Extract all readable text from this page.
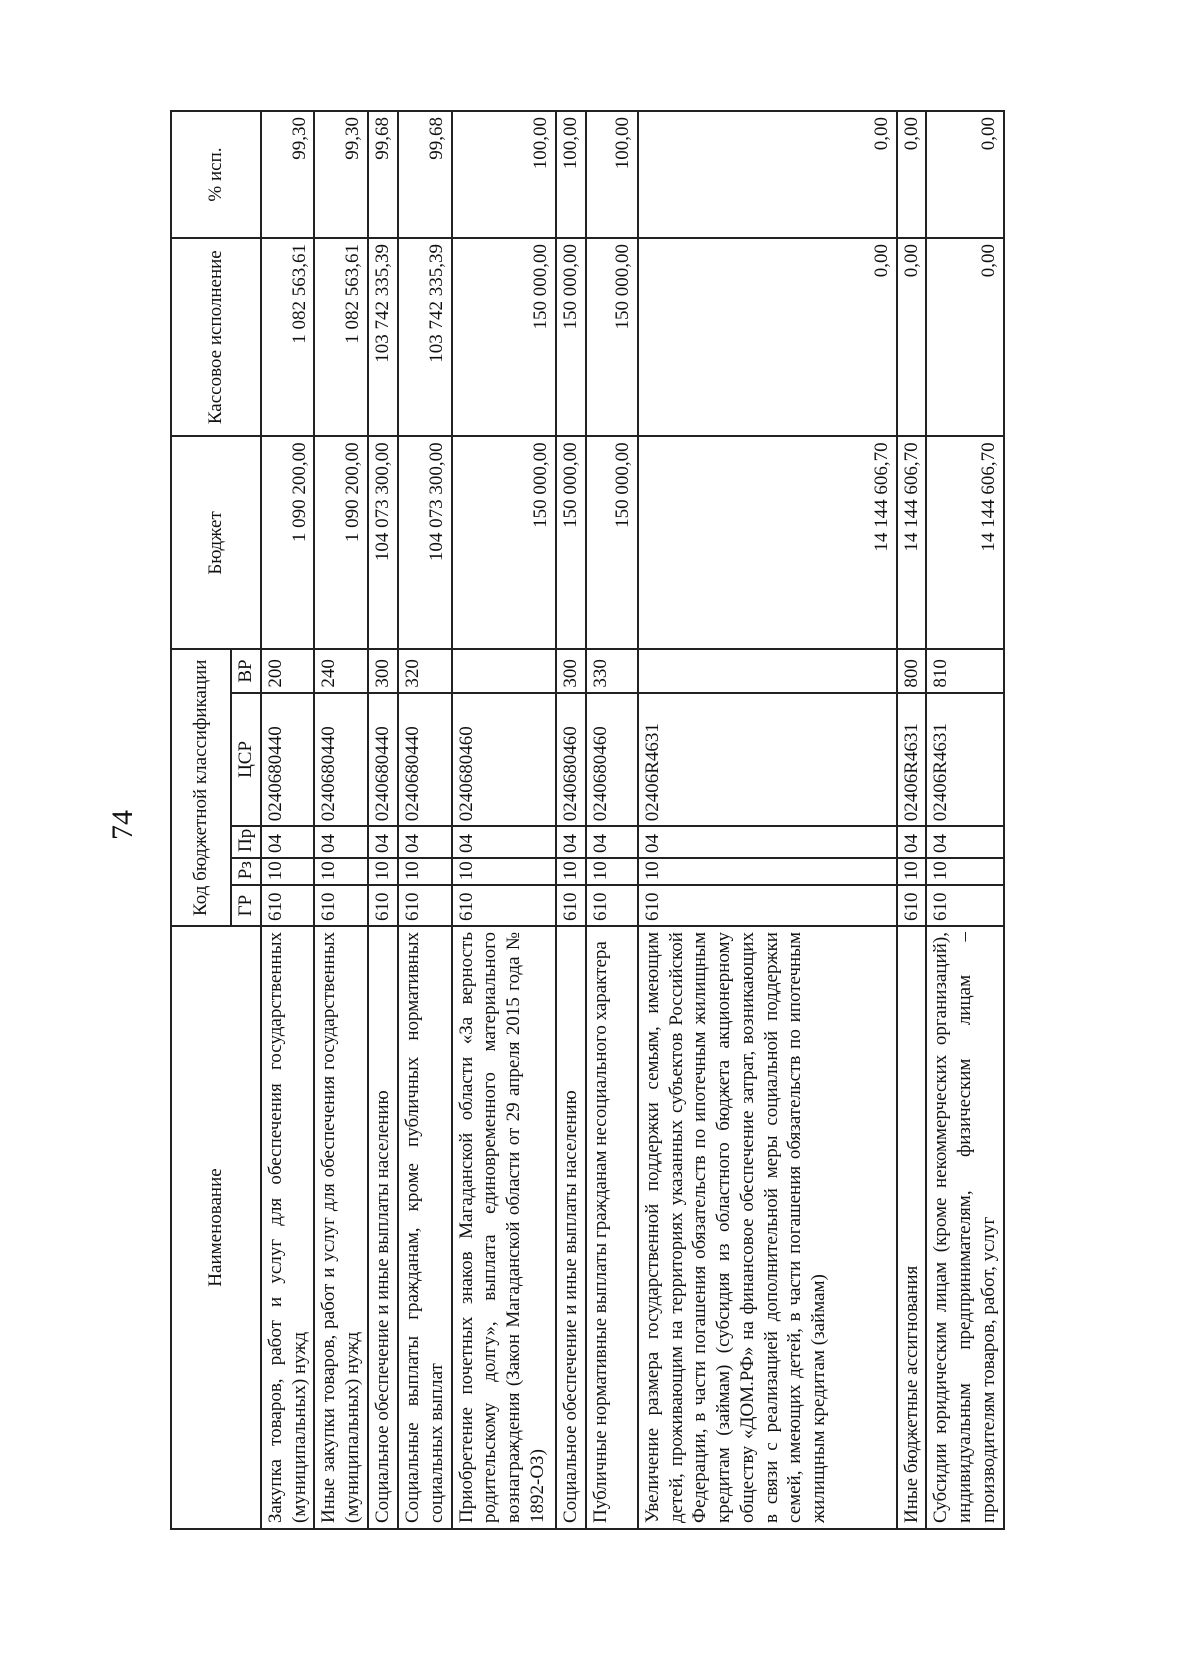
74
Наименование	Код бюджетной классификации					Бюджет	Кассовое исполнение	% исп.
	ГР	Рз	Пр	ЦСР	ВР			
Закупка товаров, работ и услуг для обеспечения государственных (муниципальных) нужд	610	10	04	0240680440	200	1 090 200,00	1 082 563,61	99,30
Иные закупки товаров, работ и услуг для обеспечения государственных (муниципальных) нужд	610	10	04	0240680440	240	1 090 200,00	1 082 563,61	99,30
Социальное обеспечение и иные выплаты населению	610	10	04	0240680440	300	104 073 300,00	103 742 335,39	99,68
Социальные выплаты гражданам, кроме публичных нормативных социальных выплат	610	10	04	0240680440	320	104 073 300,00	103 742 335,39	99,68
Приобретение почетных знаков Магаданской области «За верность родительскому долгу», выплата единовременного материального вознаграждения (Закон Магаданской области от 29 апреля 2015 года № 1892-ОЗ)	610	10	04	0240680460		150 000,00	150 000,00	100,00
Социальное обеспечение и иные выплаты населению	610	10	04	0240680460	300	150 000,00	150 000,00	100,00
Публичные нормативные выплаты гражданам несоциального характера	610	10	04	0240680460	330	150 000,00	150 000,00	100,00
Увеличение размера государственной поддержки семьям, имеющим детей, проживающим на территориях указанных субъектов Российской Федерации, в части погашения обязательств по ипотечным жилищным кредитам (займам) (субсидия из областного бюджета акционерному обществу «ДОМ.РФ» на финансовое обеспечение затрат, возникающих в связи с реализацией дополнительной меры социальной поддержки семей, имеющих детей, в части погашения обязательств по ипотечным жилищным кредитам (займам)	610	10	04	02406R4631		14 144 606,70	0,00	0,00
Иные бюджетные ассигнования	610	10	04	02406R4631	800	14 144 606,70	0,00	0,00
Субсидии юридическим лицам (кроме некоммерческих организаций), индивидуальным предпринимателям, физическим лицам – производителям товаров, работ, услуг	610	10	04	02406R4631	810	14 144 606,70	0,00	0,00
